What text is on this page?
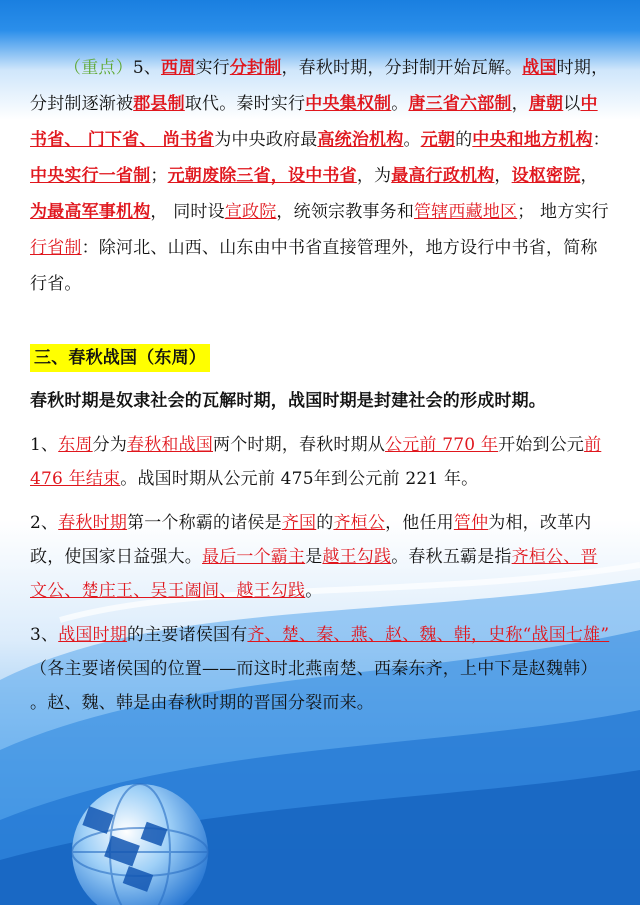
（重点）5、西周实行分封制，春秋时期，分封制开始瓦解。战国时期，分封制逐渐被郡县制取代。秦时实行中央集权制。唐三省六部制，唐朝以中书省、 门下省、 尚书省为中央政府最高统治机构。元朝的中央和地方机构：中央实行一省制；元朝废除三省，设中书省，为最高行政机构，设枢密院，为最高军事机构， 同时设宣政院，统领宗教事务和管辖西藏地区； 地方实行行省制：除河北、山西、山东由中书省直接管理外，地方设行中书省，简称行省。

三、春秋战国（东周）

春秋时期是奴隶社会的瓦解时期，战国时期是封建社会的形成时期。

1、东周分为春秋和战国两个时期，春秋时期从公元前 770 年开始到公元前 476 年结束。战国时期从公元前 475年到公元前 221 年。

2、春秋时期第一个称霸的诸侯是齐国的齐桓公，他任用管仲为相，改革内政，使国家日益强大。最后一个霸主是越王勾践。春秋五霸是指齐桓公、晋文公、楚庄王、吴王阖闾、越王勾践。

3、战国时期的主要诸侯国有齐、楚、秦、燕、赵、魏、韩，史称“战国七雄” （各主要诸侯国的位置——而这时北燕南楚、西秦东齐，上中下是赵魏韩） 。赵、魏、韩是由春秋时期的晋国分裂而来。
